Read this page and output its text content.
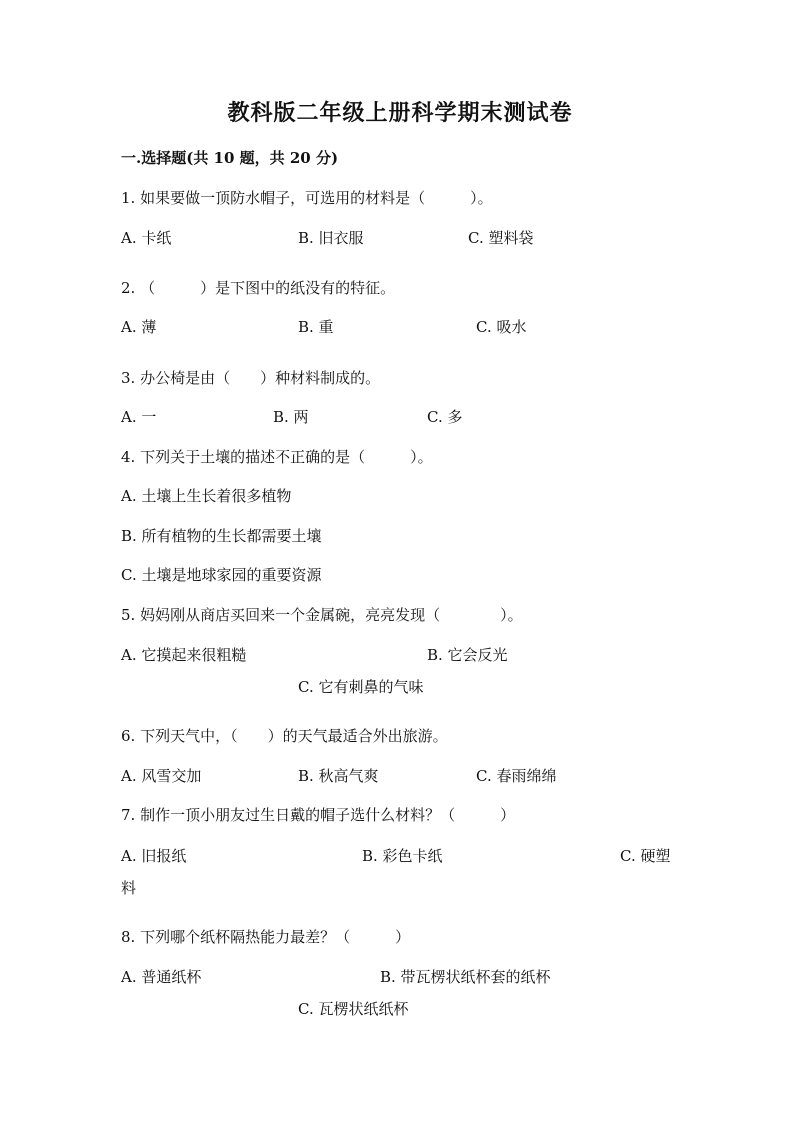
教科版二年级上册科学期末测试卷
一.选择题(共 10 题，共 20 分)
1. 如果要做一顶防水帽子，可选用的材料是（　　　）。
A. 卡纸	B. 旧衣服	C. 塑料袋
2. （　　　）是下图中的纸没有的特征。
A. 薄	B. 重	C. 吸水
3. 办公椅是由（　　）种材料制成的。
A. 一	B. 两	C. 多
4. 下列关于土壤的描述不正确的是（　　　）。
A. 土壤上生长着很多植物
B. 所有植物的生长都需要土壤
C. 土壤是地球家园的重要资源
5. 妈妈刚从商店买回来一个金属碗，亮亮发现（　　　　）。
A. 它摸起来很粗糙	B. 它会反光
C. 它有刺鼻的气味
6. 下列天气中，（　　）的天气最适合外出旅游。
A. 风雪交加	B. 秋高气爽	C. 春雨绵绵
7. 制作一顶小朋友过生日戴的帽子选什么材料？（　　　）
A. 旧报纸	B. 彩色卡纸	C. 硬塑
料
8. 下列哪个纸杯隔热能力最差？（　　　）
A. 普通纸杯	B. 带瓦楞状纸杯套的纸杯
C. 瓦楞状纸纸杯
